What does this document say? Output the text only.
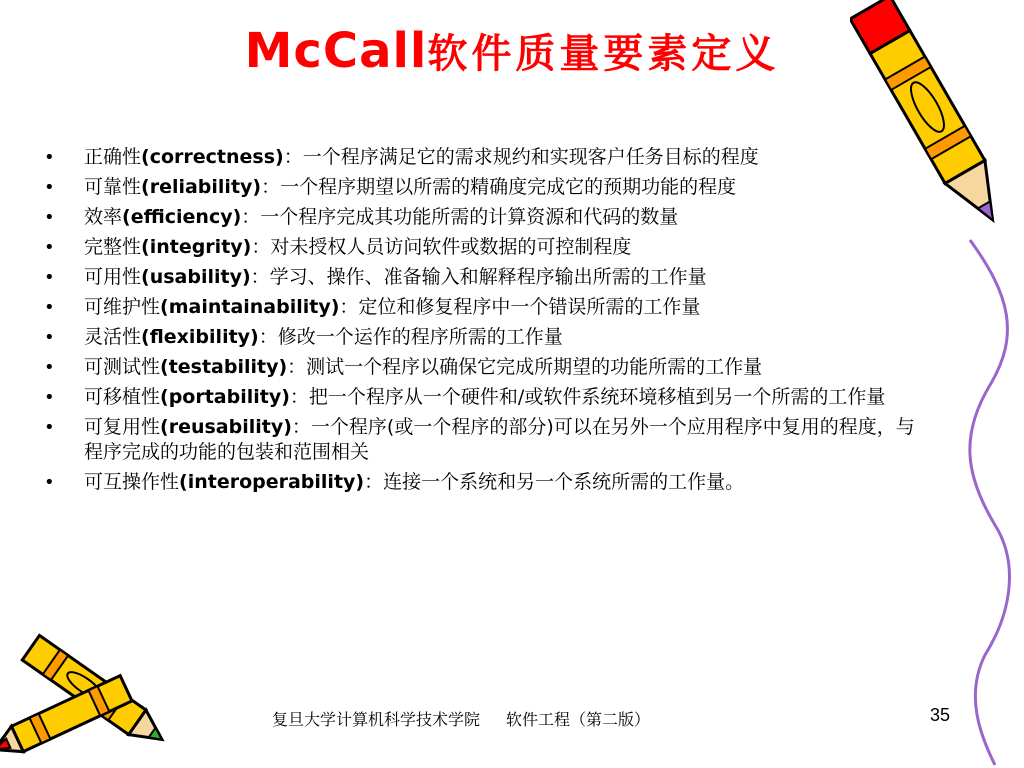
McCall软件质量要素定义
• 正确性(correctness)：一个程序满足它的需求规约和实现客户任务目标的程度
• 可靠性(reliability)：一个程序期望以所需的精确度完成它的预期功能的程度
• 效率(efficiency)：一个程序完成其功能所需的计算资源和代码的数量
• 完整性(integrity)：对未授权人员访问软件或数据的可控制程度
• 可用性(usability)：学习、操作、准备输入和解释程序输出所需的工作量
• 可维护性(maintainability)：定位和修复程序中一个错误所需的工作量
• 灵活性(flexibility)：修改一个运作的程序所需的工作量
• 可测试性(testability)：测试一个程序以确保它完成所期望的功能所需的工作量
• 可移植性(portability)：把一个程序从一个硬件和/或软件系统环境移植到另一个所需的工作量
• 可复用性(reusability)：一个程序(或一个程序的部分)可以在另外一个应用程序中复用的程度，与程序完成的功能的包装和范围相关
• 可互操作性(interoperability)：连接一个系统和另一个系统所需的工作量。
复旦大学计算机科学技术学院 软件工程（第二版）	35
